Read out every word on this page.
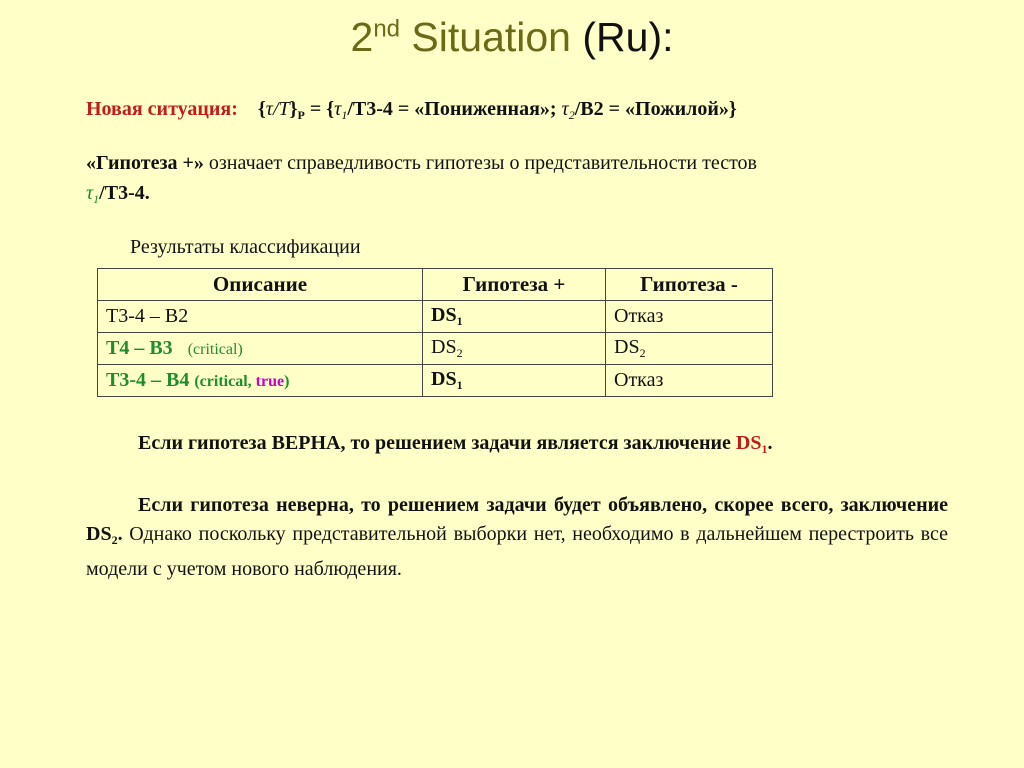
2nd Situation (Ru):
Новая ситуация: $\{\tau/T\}_P = \{\tau_1/Т3-4$ = «Пониженная»; $\tau_2/В2$ = «Пожилой»}
«Гипотеза +» означает справедливость гипотезы о представительности тестов
$\tau_1/Т3-4$.
Результаты классификации
Описание	Гипотеза +	Гипотеза -
Т3-4 – В2	$DS_1$	Отказ
Т4 – В3 (critical)	$DS_2$	$DS_2$
Т3-4 – В4 (critical, true)	$DS_1$	Отказ
Если гипотеза ВЕРНА, то решением задачи является заключение $DS_1$.
Если гипотеза неверна, то решением задачи будет объявлено, скорее всего, заключение $DS_2$. Однако поскольку представительной выборки нет, необходимо в дальнейшем перестроить все модели с учетом нового наблюдения.
